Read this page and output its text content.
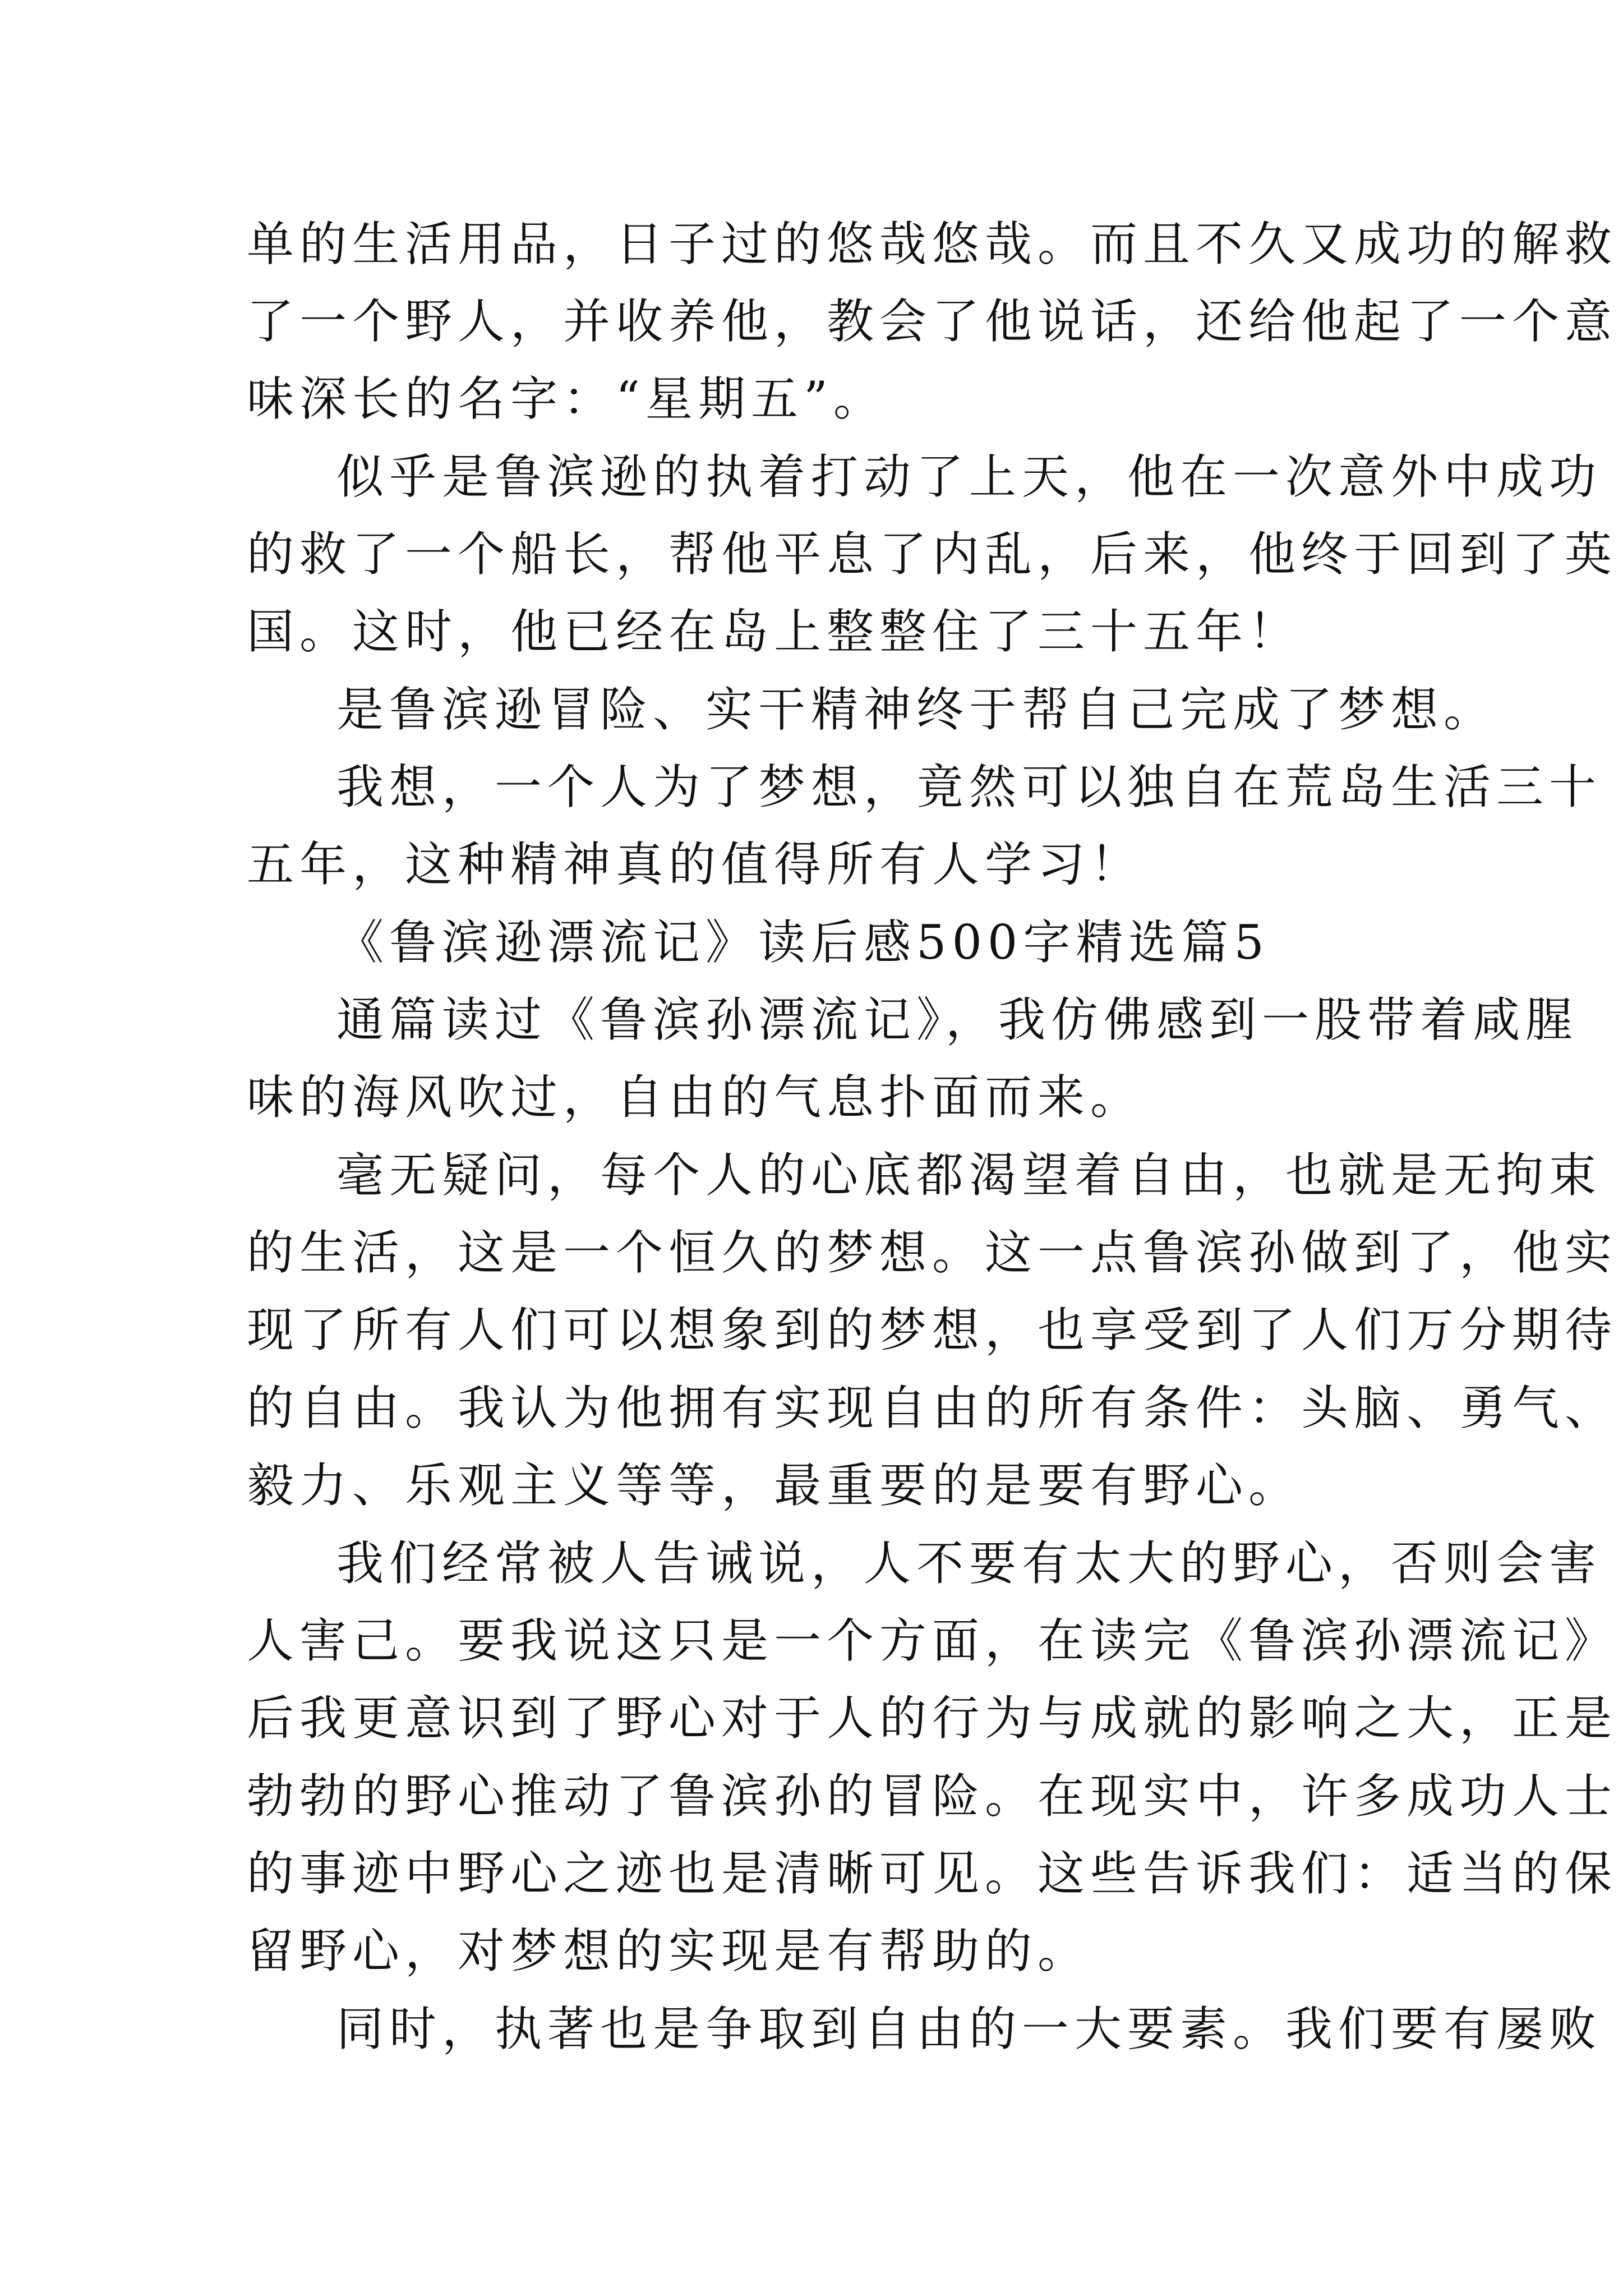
单的生活用品，日子过的悠哉悠哉。而且不久又成功的解救
了一个野人，并收养他，教会了他说话，还给他起了一个意
味深长的名字：“星期五”。
似乎是鲁滨逊的执着打动了上天，他在一次意外中成功
的救了一个船长，帮他平息了内乱，后来，他终于回到了英
国。这时，他已经在岛上整整住了三十五年！
是鲁滨逊冒险、实干精神终于帮自己完成了梦想。
我想，一个人为了梦想，竟然可以独自在荒岛生活三十
五年，这种精神真的值得所有人学习！
《鲁滨逊漂流记》读后感500字精选篇5
通篇读过《鲁滨孙漂流记》，我仿佛感到一股带着咸腥
味的海风吹过，自由的气息扑面而来。
毫无疑问，每个人的心底都渴望着自由，也就是无拘束
的生活，这是一个恒久的梦想。这一点鲁滨孙做到了，他实
现了所有人们可以想象到的梦想，也享受到了人们万分期待
的自由。我认为他拥有实现自由的所有条件：头脑、勇气、
毅力、乐观主义等等，最重要的是要有野心。
我们经常被人告诫说，人不要有太大的野心，否则会害
人害己。要我说这只是一个方面，在读完《鲁滨孙漂流记》
后我更意识到了野心对于人的行为与成就的影响之大，正是
勃勃的野心推动了鲁滨孙的冒险。在现实中，许多成功人士
的事迹中野心之迹也是清晰可见。这些告诉我们：适当的保
留野心，对梦想的实现是有帮助的。
同时，执著也是争取到自由的一大要素。我们要有屡败
